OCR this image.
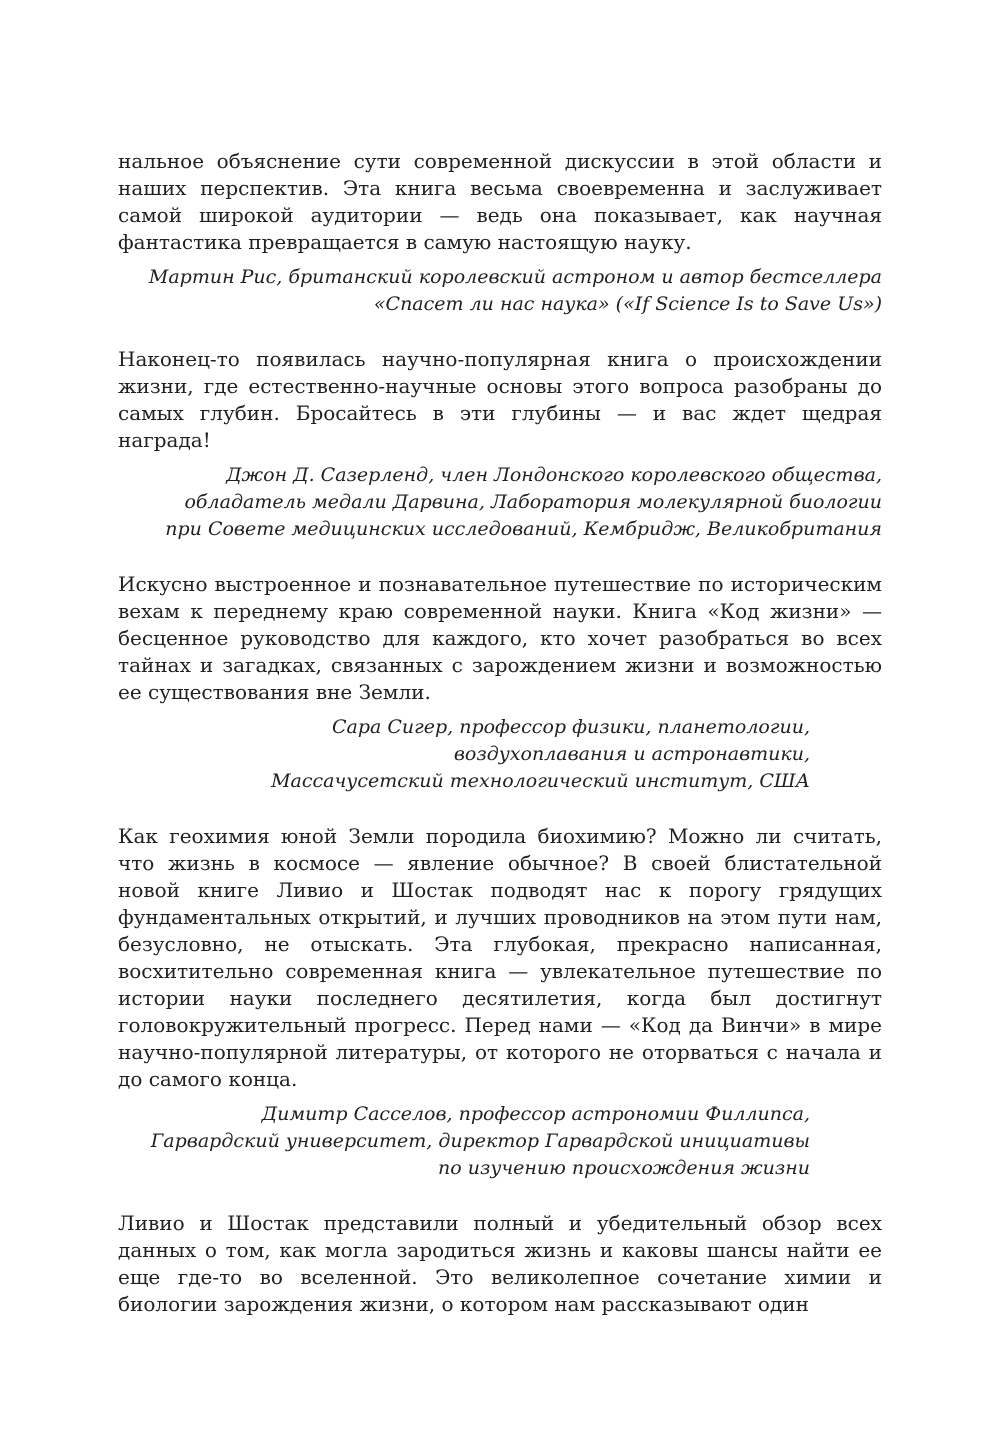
нальное объяснение сути современной дискуссии в этой области и наших перспектив. Эта книга весьма своевременна и заслуживает самой широкой аудитории — ведь она показывает, как научная фантастика превращается в самую настоящую науку.

Мартин Рис, британский королевский астроном и автор бестселлера
«Спасет ли нас наука» («If Science Is to Save Us»)

Наконец-то появилась научно-популярная книга о происхождении жизни, где естественно-научные основы этого вопроса разобраны до самых глубин. Бросайтесь в эти глубины — и вас ждет щедрая награда!

Джон Д. Сазерленд, член Лондонского королевского общества,
обладатель медали Дарвина, Лаборатория молекулярной биологии
при Совете медицинских исследований, Кембридж, Великобритания

Искусно выстроенное и познавательное путешествие по историческим вехам к переднему краю современной науки. Книга «Код жизни» — бесценное руководство для каждого, кто хочет разобраться во всех тайнах и загадках, связанных с зарождением жизни и возможностью ее существования вне Земли.

Сара Сигер, профессор физики, планетологии,
воздухоплавания и астронавтики,
Массачусетский технологический институт, США

Как геохимия юной Земли породила биохимию? Можно ли считать, что жизнь в космосе — явление обычное? В своей блистательной новой книге Ливио и Шостак подводят нас к порогу грядущих фундаментальных открытий, и лучших проводников на этом пути нам, безусловно, не отыскать. Эта глубокая, прекрасно написанная, восхитительно современная книга — увлекательное путешествие по истории науки последнего десятилетия, когда был достигнут головокружительный прогресс. Перед нами — «Код да Винчи» в мире научно-популярной литературы, от которого не оторваться с начала и до самого конца.

Димитр Сасселов, профессор астрономии Филлипса,
Гарвардский университет, директор Гарвардской инициативы
по изучению происхождения жизни

Ливио и Шостак представили полный и убедительный обзор всех данных о том, как могла зародиться жизнь и каковы шансы найти ее еще где-то во вселенной. Это великолепное сочетание химии и биологии зарождения жизни, о котором нам рассказывают один
